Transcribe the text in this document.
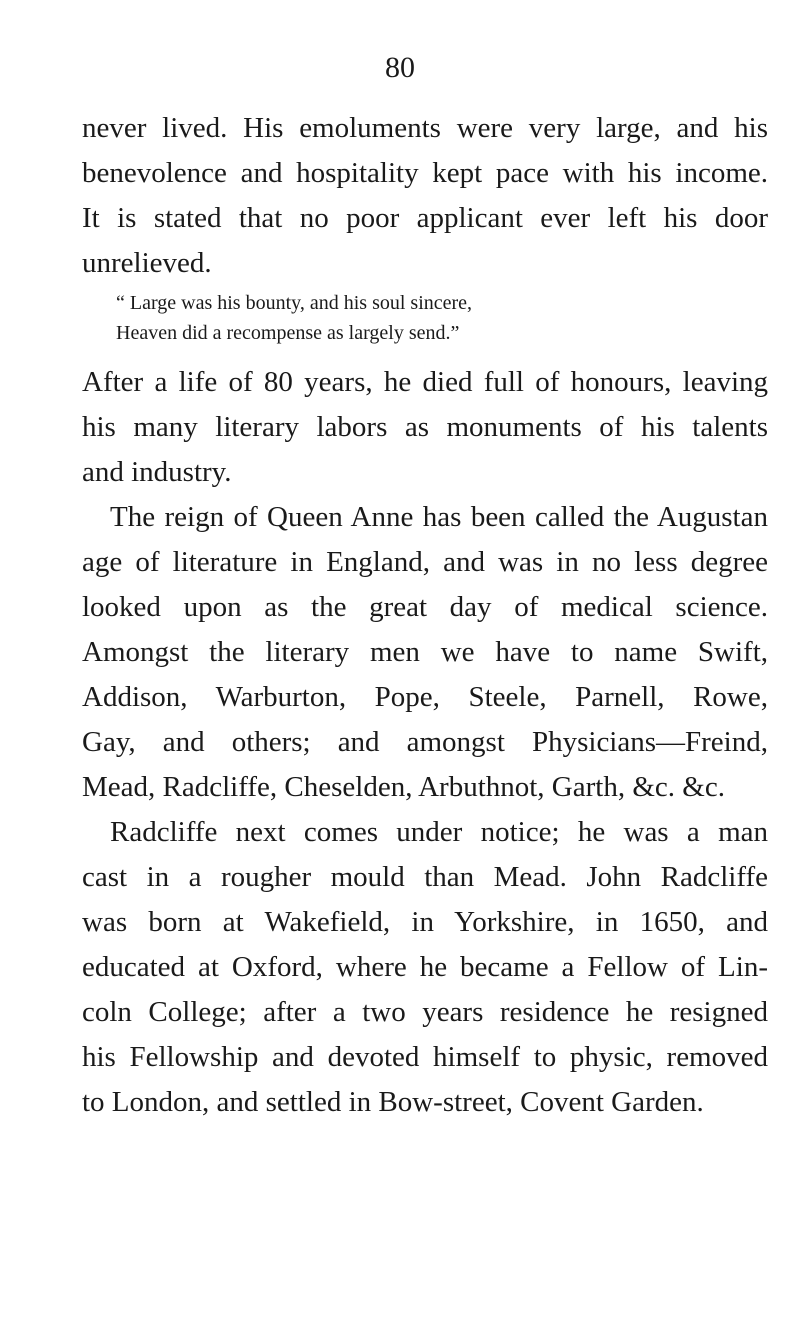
80
never lived. His emoluments were very large, and his
benevolence and hospitality kept pace with his income.
It is stated that no poor applicant ever left his door
unrelieved.
“ Large was his bounty, and his soul sincere,
Heaven did a recompense as largely send.”
After a life of 80 years, he died full of honours, leaving
his many literary labors as monuments of his talents
and industry.
The reign of Queen Anne has been called the Augustan
age of literature in England, and was in no less degree
looked upon as the great day of medical science.
Amongst the literary men we have to name Swift,
Addison, Warburton, Pope, Steele, Parnell, Rowe,
Gay, and others; and amongst Physicians—Freind,
Mead, Radcliffe, Cheselden, Arbuthnot, Garth, &c. &c.
Radcliffe next comes under notice; he was a man
cast in a rougher mould than Mead. John Radcliffe
was born at Wakefield, in Yorkshire, in 1650, and
educated at Oxford, where he became a Fellow of Lin-
coln College; after a two years residence he resigned
his Fellowship and devoted himself to physic, removed
to London, and settled in Bow-street, Covent Garden.
